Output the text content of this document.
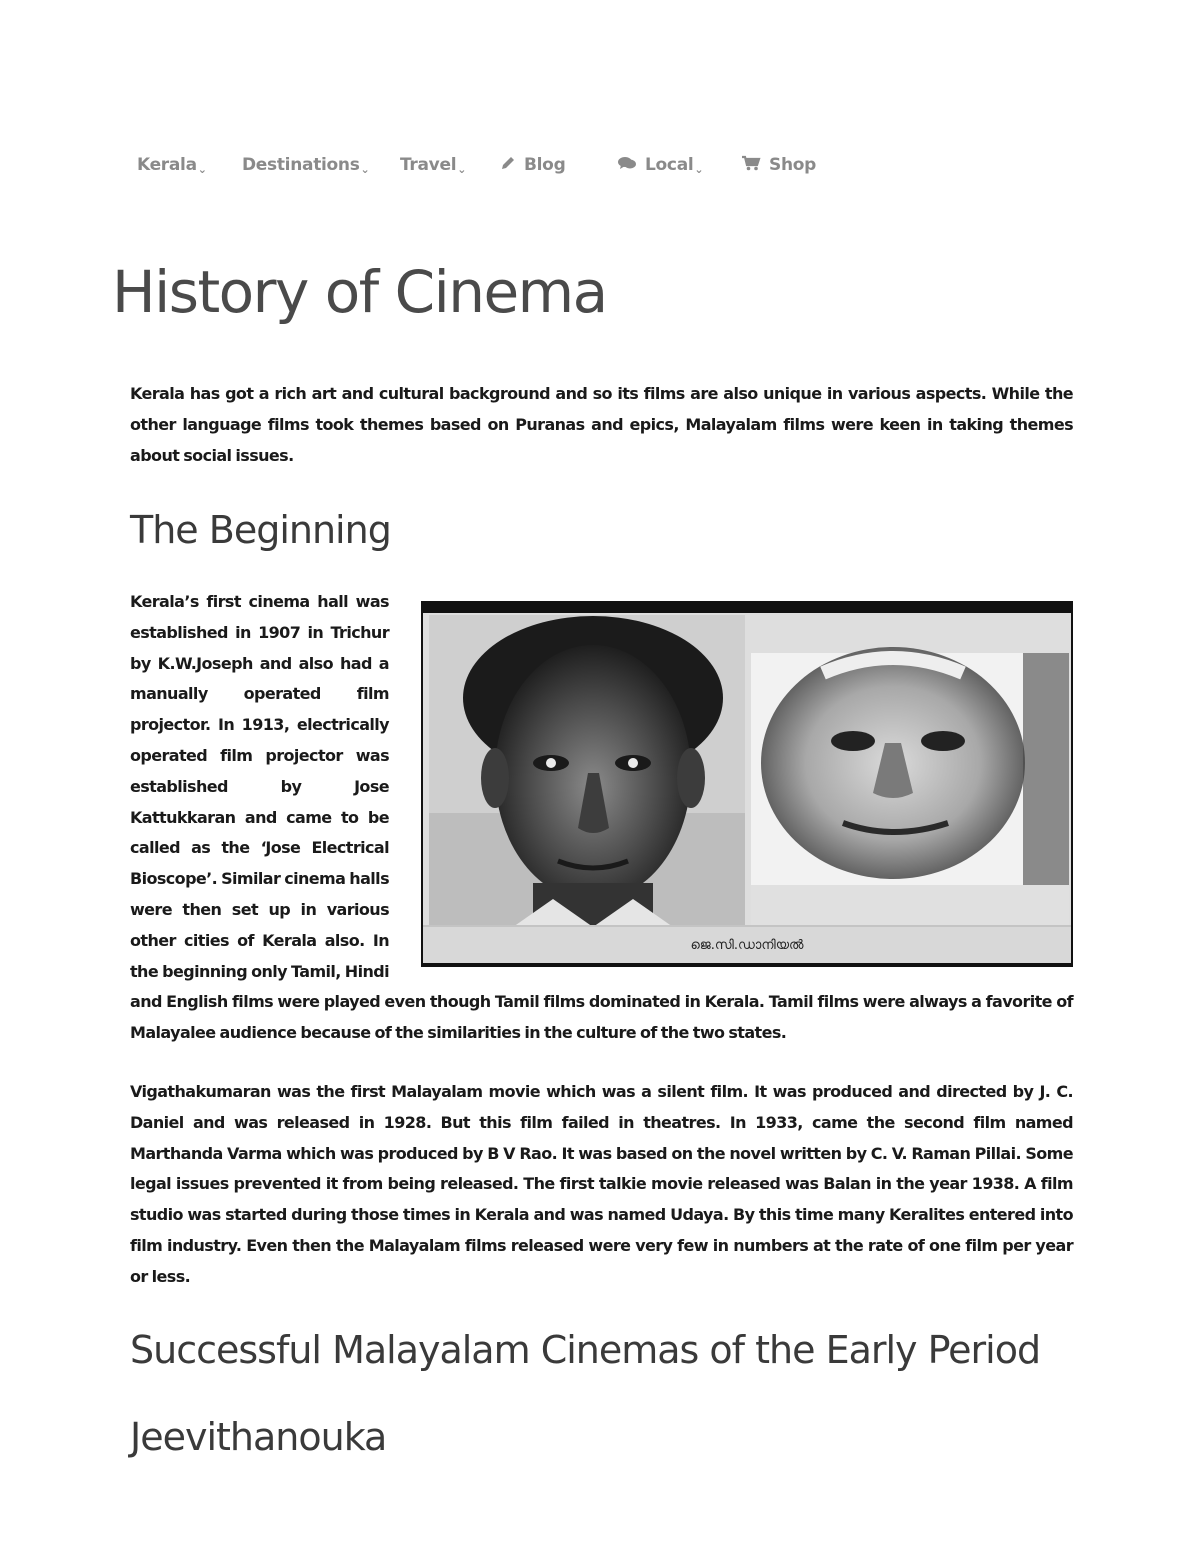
Kerala ⌄ Destinations ⌄ Travel ⌄	Blog	Local ⌄	Shop
History of Cinema

Kerala has got a rich art and cultural background and so its films are also unique in various aspects. While the other language films took themes based on Puranas and epics, Malayalam films were keen in taking themes about social issues.

The Beginning
ജെ.സി.ഡാനിയൽ

Kerala’s first cinema hall was established in 1907 in Trichur by K.W.Joseph and also had a manually operated film projector. In 1913, electrically operated film projector was established by Jose Kattukkaran and came to be called as the ‘Jose Electrical Bioscope’. Similar cinema halls were then set up in various other cities of Kerala also. In the beginning only Tamil, Hindi and English films were played even though Tamil films dominated in Kerala. Tamil films were always a favorite of Malayalee audience because of the similarities in the culture of the two states.

Vigathakumaran was the first Malayalam movie which was a silent film. It was produced and directed by J. C. Daniel and was released in 1928. But this film failed in theatres. In 1933, came the second film named Marthanda Varma which was produced by B V Rao. It was based on the novel written by C. V. Raman Pillai. Some legal issues prevented it from being released. The first talkie movie released was Balan in the year 1938. A film studio was started during those times in Kerala and was named Udaya. By this time many Keralites entered into film industry. Even then the Malayalam films released were very few in numbers at the rate of one film per year or less.

Successful Malayalam Cinemas of the Early Period
Jeevithanouka
